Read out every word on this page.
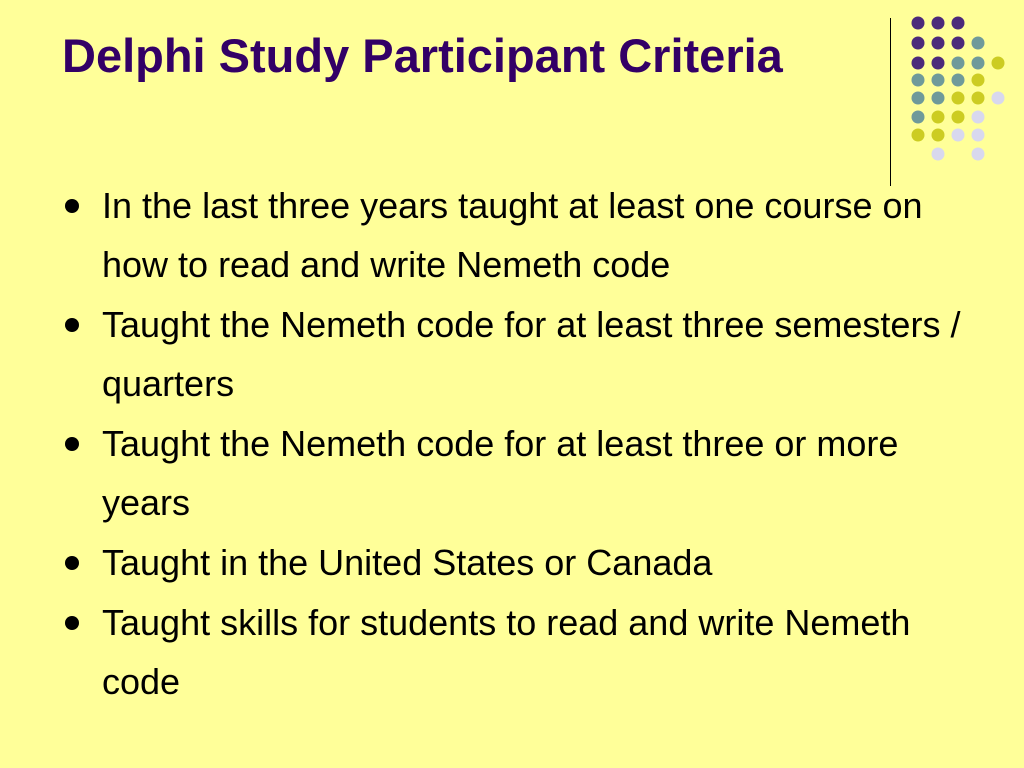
Delphi Study Participant Criteria
In the last three years taught at least one course on how to read and write Nemeth code
Taught the Nemeth code for at least three semesters / quarters
Taught the Nemeth code for at least three or more years
Taught in the United States or Canada
Taught skills for students to read and write Nemeth code
